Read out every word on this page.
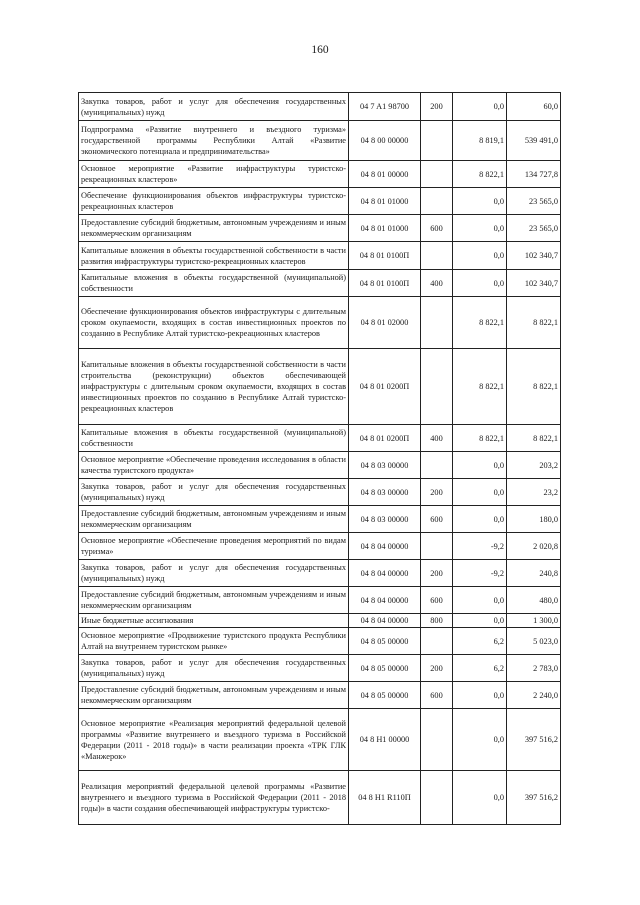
160
Закупка товаров, работ и услуг для обеспечения государственных (муниципальных) нужд	04 7 A1 98700	200	0,0	60,0
Подпрограмма «Развитие внутреннего и въездного туризма» государственной программы Республики Алтай «Развитие экономического потенциала и предпринимательства»	04 8 00 00000		8 819,1	539 491,0
Основное мероприятие «Развитие инфраструктуры туристско-рекреационных кластеров»	04 8 01 00000		8 822,1	134 727,8
Обеспечение функционирования объектов инфраструктуры туристско-рекреационных кластеров	04 8 01 01000		0,0	23 565,0
Предоставление субсидий бюджетным, автономным учреждениям и иным некоммерческим организациям	04 8 01 01000	600	0,0	23 565,0
Капитальные вложения в объекты государственной собственности в части развития инфраструктуры туристско-рекреационных кластеров	04 8 01 0100П		0,0	102 340,7
Капитальные вложения в объекты государственной (муниципальной) собственности	04 8 01 0100П	400	0,0	102 340,7
Обеспечение функционирования объектов инфраструктуры с длительным сроком окупаемости, входящих в состав инвестиционных проектов по созданию в Республике Алтай туристско-рекреационных кластеров	04 8 01 02000		8 822,1	8 822,1
Капитальные вложения в объекты государственной собственности в части строительства (реконструкции) объектов обеспечивающей инфраструктуры с длительным сроком окупаемости, входящих в состав инвестиционных проектов по созданию в Республике Алтай туристско-рекреационных кластеров	04 8 01 0200П		8 822,1	8 822,1
Капитальные вложения в объекты государственной (муниципальной) собственности	04 8 01 0200П	400	8 822,1	8 822,1
Основное мероприятие «Обеспечение проведения исследования в области качества туристского продукта»	04 8 03 00000		0,0	203,2
Закупка товаров, работ и услуг для обеспечения государственных (муниципальных) нужд	04 8 03 00000	200	0,0	23,2
Предоставление субсидий бюджетным, автономным учреждениям и иным некоммерческим организациям	04 8 03 00000	600	0,0	180,0
Основное мероприятие «Обеспечение проведения мероприятий по видам туризма»	04 8 04 00000		-9,2	2 020,8
Закупка товаров, работ и услуг для обеспечения государственных (муниципальных) нужд	04 8 04 00000	200	-9,2	240,8
Предоставление субсидий бюджетным, автономным учреждениям и иным некоммерческим организациям	04 8 04 00000	600	0,0	480,0
Иные бюджетные ассигнования	04 8 04 00000	800	0,0	1 300,0
Основное мероприятие «Продвижение туристского продукта Республики Алтай на внутреннем туристском рынке»	04 8 05 00000		6,2	5 023,0
Закупка товаров, работ и услуг для обеспечения государственных (муниципальных) нужд	04 8 05 00000	200	6,2	2 783,0
Предоставление субсидий бюджетным, автономным учреждениям и иным некоммерческим организациям	04 8 05 00000	600	0,0	2 240,0
Основное мероприятие «Реализация мероприятий федеральной целевой программы «Развитие внутреннего и въездного туризма в Российской Федерации (2011 - 2018 годы)» в части реализации проекта «ТРК ГЛК «Манжерок»	04 8 Н1 00000		0,0	397 516,2
Реализация мероприятий федеральной целевой программы «Развитие внутреннего и въездного туризма в Российской Федерации (2011 - 2018 годы)» в части создания обеспечивающей инфраструктуры туристско-	04 8 Н1 R110П		0,0	397 516,2
